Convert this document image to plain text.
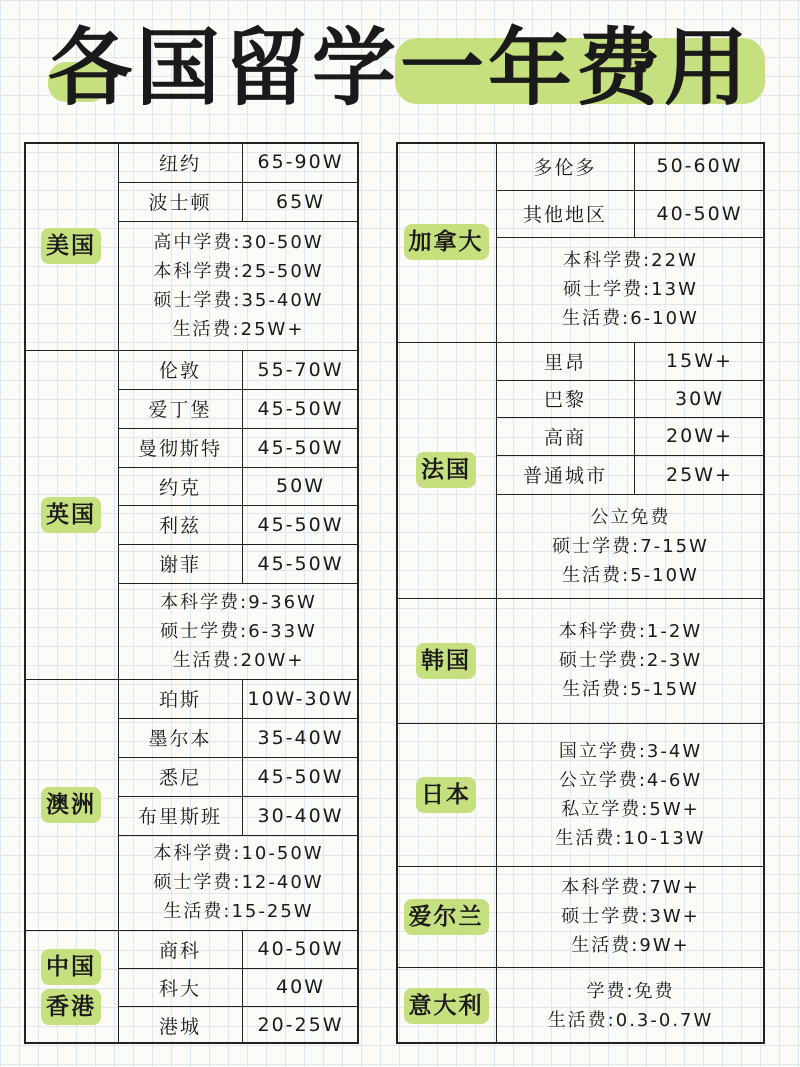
各国留学一年费用
美国
纽约	65-90W
波士顿	65W
高中学费:30-50W
本科学费:25-50W
硕士学费:35-40W
生活费:25W+
英国
伦敦	55-70W
爱丁堡	45-50W
曼彻斯特	45-50W
约克	50W
利兹	45-50W
谢菲	45-50W
本科学费:9-36W
硕士学费:6-33W
生活费:20W+
澳洲
珀斯	10W-30W
墨尔本	35-40W
悉尼	45-50W
布里斯班	30-40W
本科学费:10-50W
硕士学费:12-40W
生活费:15-25W
中国
香港
商科	40-50W
科大	40W
港城	20-25W
加拿大
多伦多	50-60W
其他地区	40-50W
本科学费:22W
硕士学费:13W
生活费:6-10W
法国
里昂	15W+
巴黎	30W
高商	20W+
普通城市	25W+
公立免费
硕士学费:7-15W
生活费:5-10W
韩国
本科学费:1-2W
硕士学费:2-3W
生活费:5-15W
日本
国立学费:3-4W
公立学费:4-6W
私立学费:5W+
生活费:10-13W
爱尔兰
本科学费:7W+
硕士学费:3W+
生活费:9W+
意大利
学费:免费
生活费:0.3-0.7W
